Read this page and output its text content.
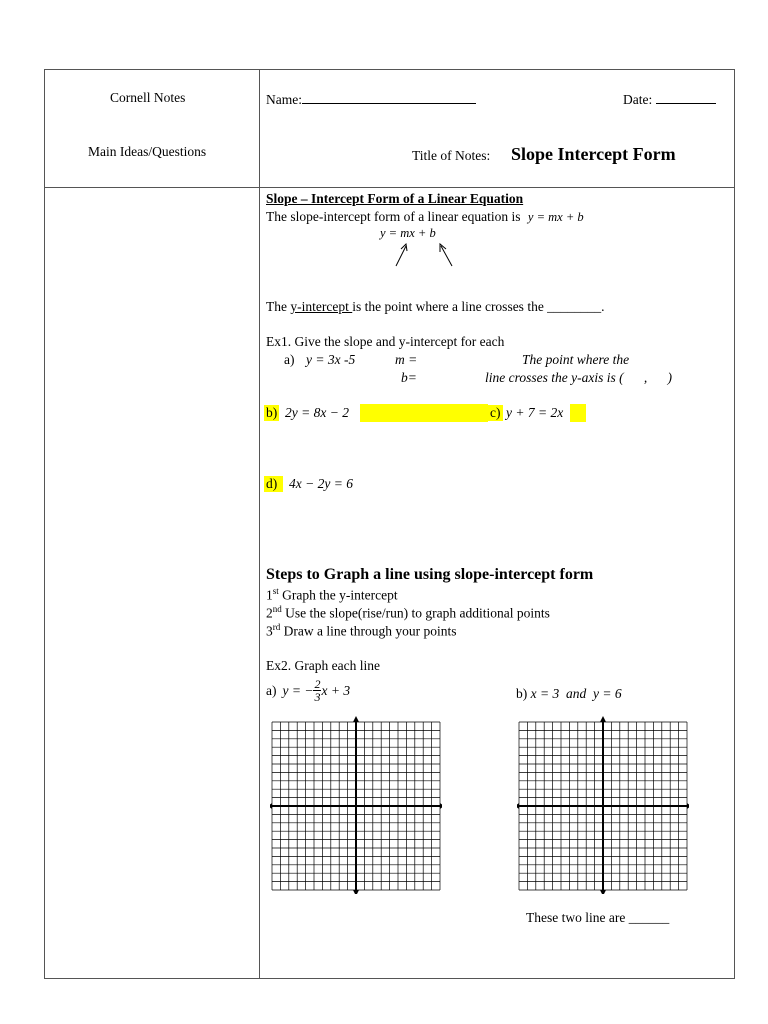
Cornell Notes
Main Ideas/Questions
Name:	Date:
Title of Notes: Slope Intercept Form
Slope – Intercept Form of a Linear Equation
The slope-intercept form of a linear equation is y = mx + b
y = mx + b
The y-intercept is the point where a line crosses the ________.
Ex1. Give the slope and y-intercept for each
a) y = 3x -5	m =
b=
The point where the
line crosses the y-axis is (      ,      )
b) 2y = 8x − 2	c) y + 7 = 2x
d) 4x − 2y = 6
Steps to Graph a line using slope-intercept form
1st Graph the y-intercept
2nd Use the slope(rise/run) to graph additional points
3rd Draw a line through your points
Ex2. Graph each line
a) y = − $\frac{2}{3}$ x + 3	b) x = 3  and  y = 6
These two line are ______
